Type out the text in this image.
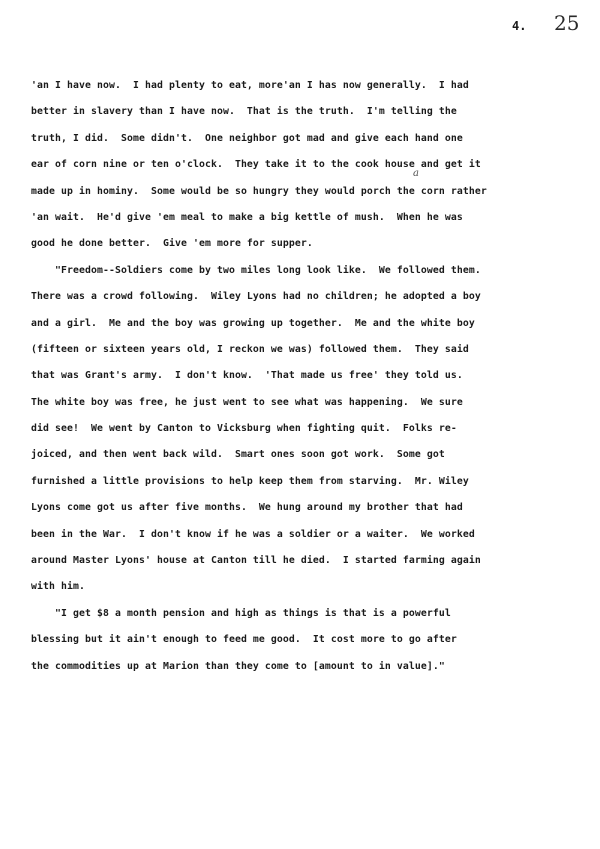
4. 25
a
'an I have now.  I had plenty to eat, more'an I has now generally.  I had
better in slavery than I have now.  That is the truth.  I'm telling the
truth, I did.  Some didn't.  One neighbor got mad and give each hand one
ear of corn nine or ten o'clock.  They take it to the cook house and get it
made up in hominy.  Some would be so hungry they would porch the corn rather
'an wait.  He'd give 'em meal to make a big kettle of mush.  When he was
good he done better.  Give 'em more for supper.
"Freedom--Soldiers come by two miles long look like.  We followed them.
There was a crowd following.  Wiley Lyons had no children; he adopted a boy
and a girl.  Me and the boy was growing up together.  Me and the white boy
(fifteen or sixteen years old, I reckon we was) followed them.  They said
that was Grant's army.  I don't know.  'That made us free' they told us.
The white boy was free, he just went to see what was happening.  We sure
did see!  We went by Canton to Vicksburg when fighting quit.  Folks re-
joiced, and then went back wild.  Smart ones soon got work.  Some got
furnished a little provisions to help keep them from starving.  Mr. Wiley
Lyons come got us after five months.  We hung around my brother that had
been in the War.  I don't know if he was a soldier or a waiter.  We worked
around Master Lyons' house at Canton till he died.  I started farming again
with him.
"I get $8 a month pension and high as things is that is a powerful
blessing but it ain't enough to feed me good.  It cost more to go after
the commodities up at Marion than they come to [amount to in value]."
